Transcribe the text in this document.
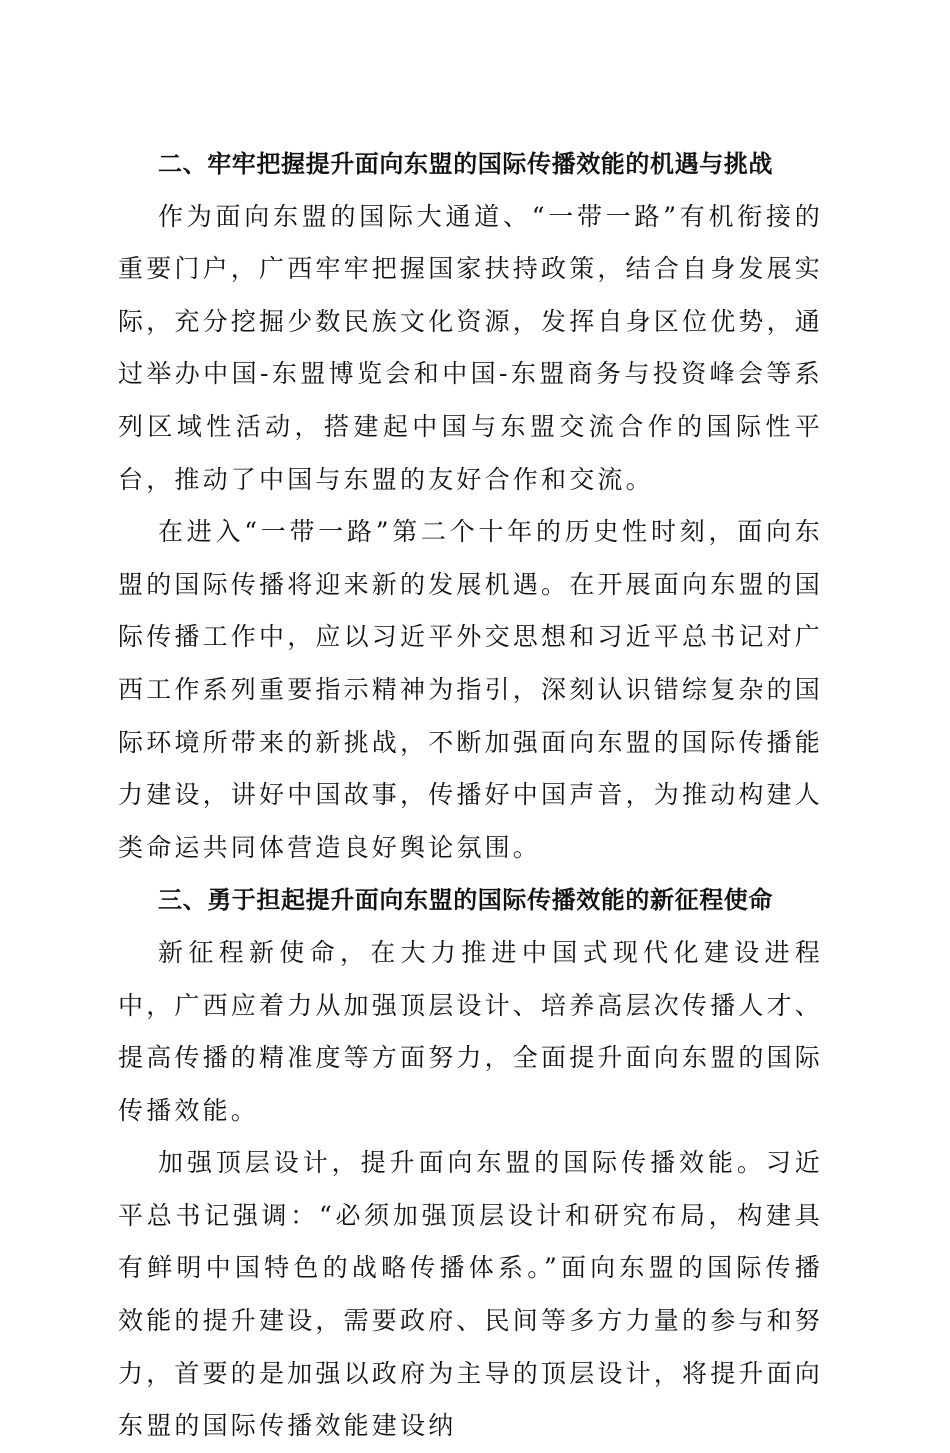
二、牢牢把握提升面向东盟的国际传播效能的机遇与挑战

作为面向东盟的国际大通道、“一带一路”有机衔接的重要门户，广西牢牢把握国家扶持政策，结合自身发展实际，充分挖掘少数民族文化资源，发挥自身区位优势，通过举办中国-东盟博览会和中国-东盟商务与投资峰会等系列区域性活动，搭建起中国与东盟交流合作的国际性平台，推动了中国与东盟的友好合作和交流。

在进入“一带一路”第二个十年的历史性时刻，面向东盟的国际传播将迎来新的发展机遇。在开展面向东盟的国际传播工作中，应以习近平外交思想和习近平总书记对广西工作系列重要指示精神为指引，深刻认识错综复杂的国际环境所带来的新挑战，不断加强面向东盟的国际传播能力建设，讲好中国故事，传播好中国声音，为推动构建人类命运共同体营造良好舆论氛围。

三、勇于担起提升面向东盟的国际传播效能的新征程使命

新征程新使命，在大力推进中国式现代化建设进程中，广西应着力从加强顶层设计、培养高层次传播人才、提高传播的精准度等方面努力，全面提升面向东盟的国际传播效能。

加强顶层设计，提升面向东盟的国际传播效能。习近平总书记强调：“必须加强顶层设计和研究布局，构建具有鲜明中国特色的战略传播体系。”面向东盟的国际传播效能的提升建设，需要政府、民间等多方力量的参与和努力，首要的是加强以政府为主导的顶层设计，将提升面向东盟的国际传播效能建设纳
